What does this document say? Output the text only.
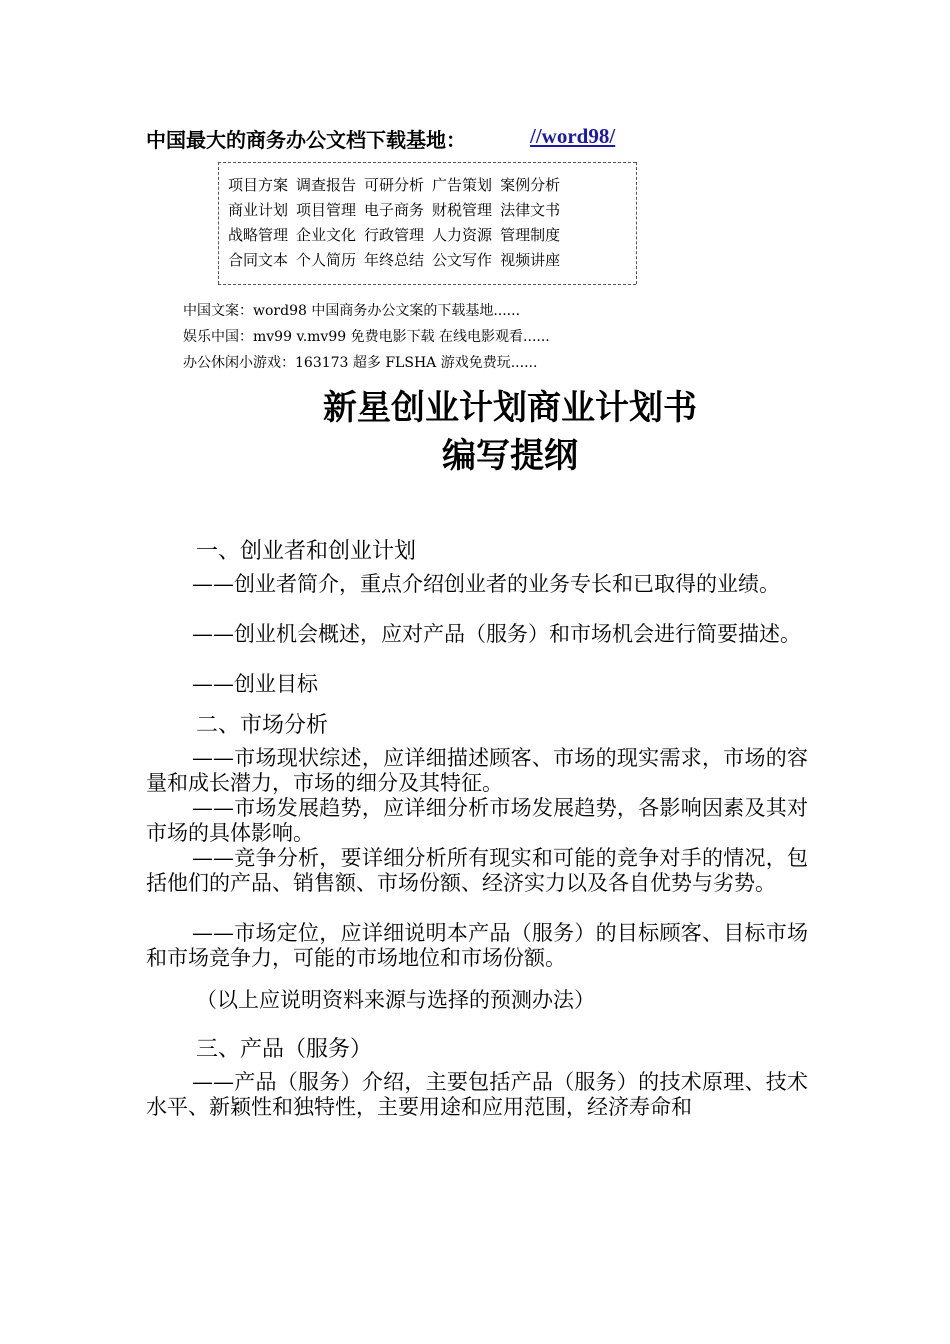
中国最大的商务办公文档下载基地：	//word98/
项目方案 调查报告 可研分析 广告策划 案例分析
商业计划 项目管理 电子商务 财税管理 法律文书
战略管理 企业文化 行政管理 人力资源 管理制度
合同文本 个人简历 年终总结 公文写作 视频讲座
中国文案：word98 中国商务办公文案的下载基地......
娱乐中国：mv99 v.mv99 免费电影下载 在线电影观看......
办公休闲小游戏：163173 超多 FLSHA 游戏免费玩......
新星创业计划商业计划书
编写提纲
一、创业者和创业计划
——创业者简介，重点介绍创业者的业务专长和已取得的业绩。
——创业机会概述，应对产品（服务）和市场机会进行简要描述。
——创业目标
二、市场分析
——市场现状综述，应详细描述顾客、市场的现实需求，市场的容量和成长潜力，市场的细分及其特征。
——市场发展趋势，应详细分析市场发展趋势，各影响因素及其对市场的具体影响。
——竞争分析，要详细分析所有现实和可能的竞争对手的情况，包括他们的产品、销售额、市场份额、经济实力以及各自优势与劣势。
——市场定位，应详细说明本产品（服务）的目标顾客、目标市场和市场竞争力，可能的市场地位和市场份额。
（以上应说明资料来源与选择的预测办法）
三、产品（服务）
——产品（服务）介绍，主要包括产品（服务）的技术原理、技术水平、新颖性和独特性，主要用途和应用范围，经济寿命和
